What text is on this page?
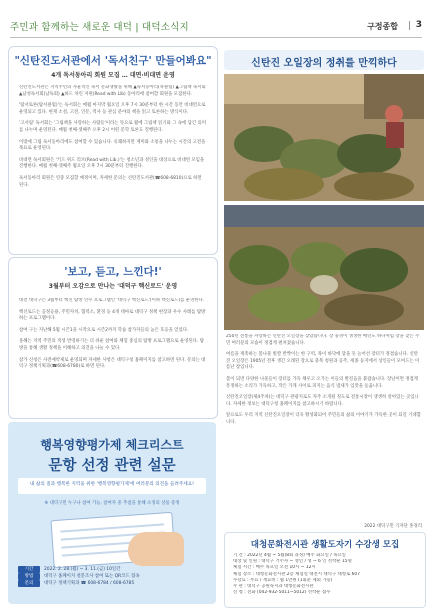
주민과 함께하는 새로운 대덕 | 대덕소식지	구정종합 3
"신탄진도서관에서 '독서친구' 만들어봐요"
4개 독서동아리 회원 모집 … 대면·비대면 운영

신탄진도서관은 지역주민의 자율적인 독서 문화생활을 위해 ▲독서동아리(북클럽) ▲그림책 독서회 ▲남성독서회(남독회) ▲하드 차린 저편(Read with Lib) 동아리에 참여할 회원을 모집한다.

'탐서토론(탐서클럽)'는 독서회는 매월 마지막 월요일 오후 7시 30분부터 한 시간 동안 비대면으로 운영되고 있다. 현재 소설, 고전, 인문, 역사 등 관심 분야의 책을 읽고 토론하는 방식이다.

'고서림' 독서회는 '그림책을 사랑하는 사람들'이라는 뜻으로 월에 그림책 읽기와 그 속에 담긴 의미를 나누며 운영된다. 매월 첫째·셋째주 오후 2시 어떤 문학 토론도 진행된다.

이밖에 그림 독서동아리에도 참여할 수 있습니다. 유쾌하지만 재미와 소통을 나누는 시간의 고전을 목표로 운영된다.

비대면 독서회원은 '키드 위드 리브(Read with Lib.)'는 청소년과 성인을 대상으로 비대면 모임을 진행한다. 매월 첫째·셋째주 월요일 오후 7시 30분부터 진행한다.

독서동아리 회원은 연중 모집할 예정이며, 자세한 문의는 신탄진도서관(☎608-6810)으로 하면 된다.

'보고, 듣고, 느낀다!'
3월부터 오감으로 만나는 '대덕구 핵신로드' 운영

대전 대덕구는 3월부터 핵신 탐방 연수 프로그램인 '대덕구 핵신로드'(이하 핵신로드)를 운영한다.

핵신로드는 공정응용, 주민자치, 협력소, 환경 등 4개 테마로 대덕구 정책 현장과 우수 사례를 탐방하는 프로그램이다.

참여 구는 지난해 5월 시즌1을 시작으로 시즌2까지 학습 참가자들의 높은 호응을 얻었다.

올해는 지역 주민의 적성 반영하기는 더 쉬운 참여와 체험 중심의 탐방 프로그램으로 운영된다. 탐방을 통해 생활 정책을 이해하고 의견을 나눌 수 있다.

참가 신청은 사전예약제로 운영되며 자세한 사항은 대덕구청 홈페이지를 참고하면 된다. 문의는 대덕구 정책기획과(☎608-6780)로 하면 된다.

행복영향평가제 체크리스트
문항 선정 관련 설문
내 삶의 질과 행복한 지역을 위한 '행복영향평가제'에 여러분의 의견을 들려주세요!
※ 대덕구민 누구나 참여 가능, 참여자 중 추첨을 통해 소정의 상품 증정
기간 2022. 2. 28.(월) ~ 3. 11.(금) 10일간
방법 대덕구 홈페이지 설문조사 참여 또는 QR코드 접속
문의 대덕구 정책기획과 ☎ 608-6784 / 608-6785
신탄진 오일장의 정취를 만끽하다

250년 전통을 자랑하는 신탄진 오일장을 찾았습니다. 장 풍경이 생생한 매년도 하나처럼 장을 찾는 주민 여러분의 모습이 정겹게 펼쳐졌습니다.

여름을 재촉하는 봄나물 빛깔 반짝이는 한 구역, 목이 바닥에 닿을 듯 늘어선 장터가 정겹습니다. 신탄진 오일장은 1905년 전후 생긴 오래된 장으로 충북 청원과 공주, 세종 등지에서 상인들이 모여드는 이름난 장입니다.

봄이 되면 다양한 나물들이 장터를 가득 채우고 오가는 이들의 발걸음을 붙잡습니다. 장날이면 정겹게 흥정하는 소리가 가득하고, 작은 가게 사이로 퍼지는 음식 냄새가 입맛을 돋웁니다.

신탄진오일장(제4주차)는 대덕구 관광지로도 자주 소개될 정도로 전통시장이 생생히 살아있는 곳입니다. 자세한 정보는 대덕구청 홈페이지를 참고하시기 바랍니다.

앞으로도 우리 지역 신탄진오일장이 더욱 활성화되어 주민들의 삶의 이야기가 가득한 곳이 되길 기대합니다.

2022 대덕구민 기자단 홍경리
대청문화전시관 생활도자기 수강생 모집
기 간 : 2022년 4월 ~ 5월(8회 과정) 매주 화요일 / 목요일
대상 및 인원 : 대덕구 거주자 ~ 성인 / 성 ~ 6 인 선착순 15명
체험 시간 : 매주 목요일 오전 10시 ~ 12시
체험 장소 : 대청문화전시관 2층 체험실 대전시 대덕구 대청로 607
수강료 : 무료 / 재료비 : 월 1만원 (1회분 제외 가능)
주 관 : 대덕구 공원녹지과 대청문화전시관
신 청 : 전화 (042-932-5011~5012) 선착순 접수
